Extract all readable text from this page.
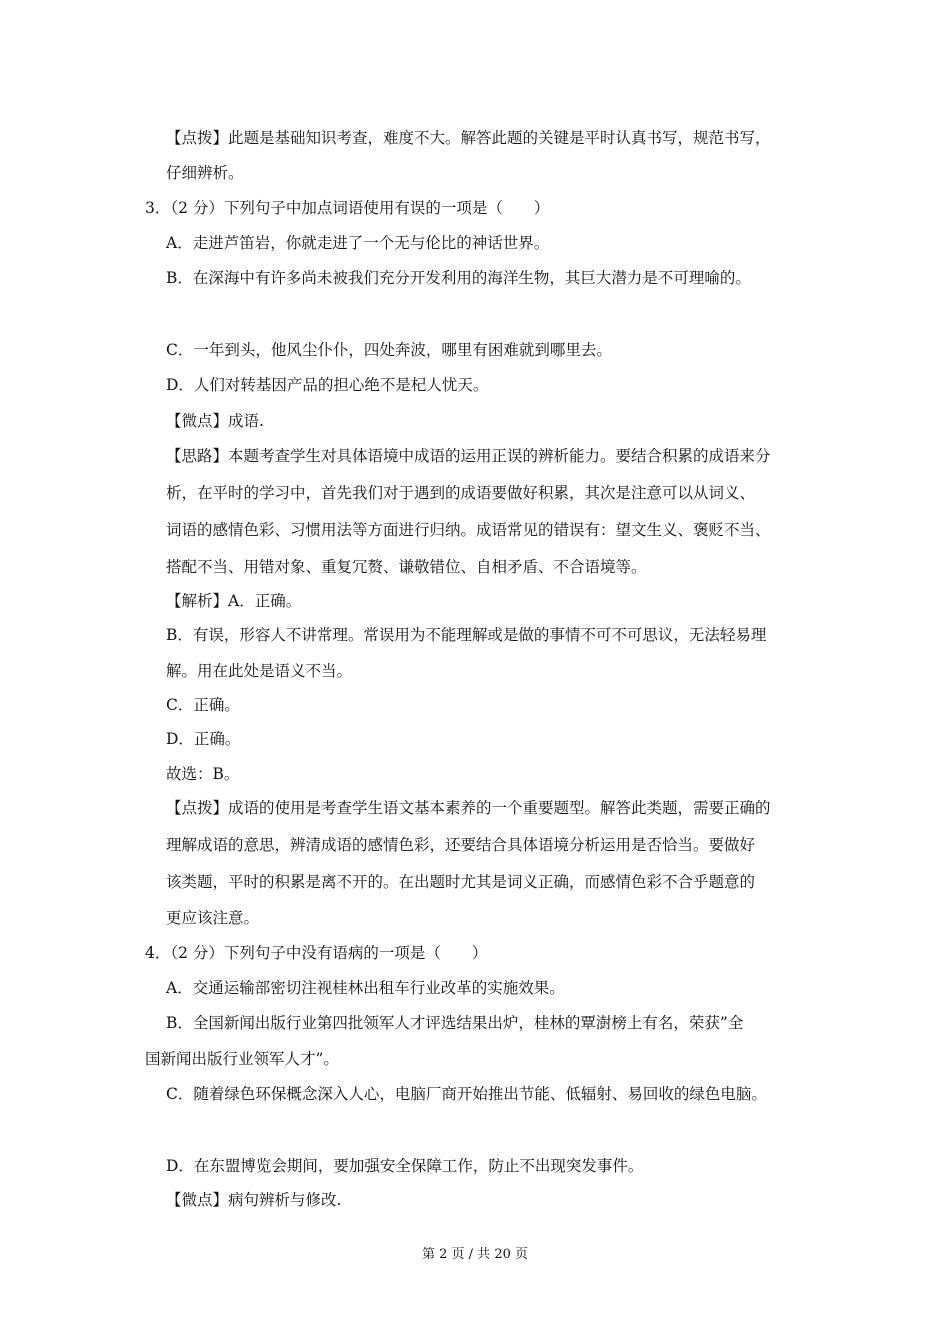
【点拨】此题是基础知识考查，难度不大。解答此题的关键是平时认真书写，规范书写，
仔细辨析。
3．（2 分）下列句子中加点词语使用有误的一项是（　　）
A．走进芦笛岩，你就走进了一个无与伦比的神话世界。
B．在深海中有许多尚未被我们充分开发利用的海洋生物，其巨大潜力是不可理喻的。
C．一年到头，他风尘仆仆，四处奔波，哪里有困难就到哪里去。
D．人们对转基因产品的担心绝不是杞人忧天。
【微点】成语.
【思路】本题考查学生对具体语境中成语的运用正误的辨析能力。要结合积累的成语来分
析，在平时的学习中，首先我们对于遇到的成语要做好积累，其次是注意可以从词义、
词语的感情色彩、习惯用法等方面进行归纳。成语常见的错误有：望文生义、褒贬不当、
搭配不当、用错对象、重复冗赘、谦敬错位、自相矛盾、不合语境等。
【解析】A．正确。
B．有误，形容人不讲常理。常误用为不能理解或是做的事情不可不可思议，无法轻易理
解。用在此处是语义不当。
C．正确。
D．正确。
故选：B。
【点拨】成语的使用是考查学生语文基本素养的一个重要题型。解答此类题，需要正确的
理解成语的意思，辨清成语的感情色彩，还要结合具体语境分析运用是否恰当。要做好
该类题，平时的积累是离不开的。在出题时尤其是词义正确，而感情色彩不合乎题意的
更应该注意。
4．（2 分）下列句子中没有语病的一项是（　　）
A．交通运输部密切注视桂林出租车行业改革的实施效果。
B．全国新闻出版行业第四批领军人才评选结果出炉，桂林的覃澍榜上有名，荣获”全
国新闻出版行业领军人才”。
C．随着绿色环保概念深入人心，电脑厂商开始推出节能、低辐射、易回收的绿色电脑。
D．在东盟博览会期间，要加强安全保障工作，防止不出现突发事件。
【微点】病句辨析与修改.
第 2 页 / 共 20 页
